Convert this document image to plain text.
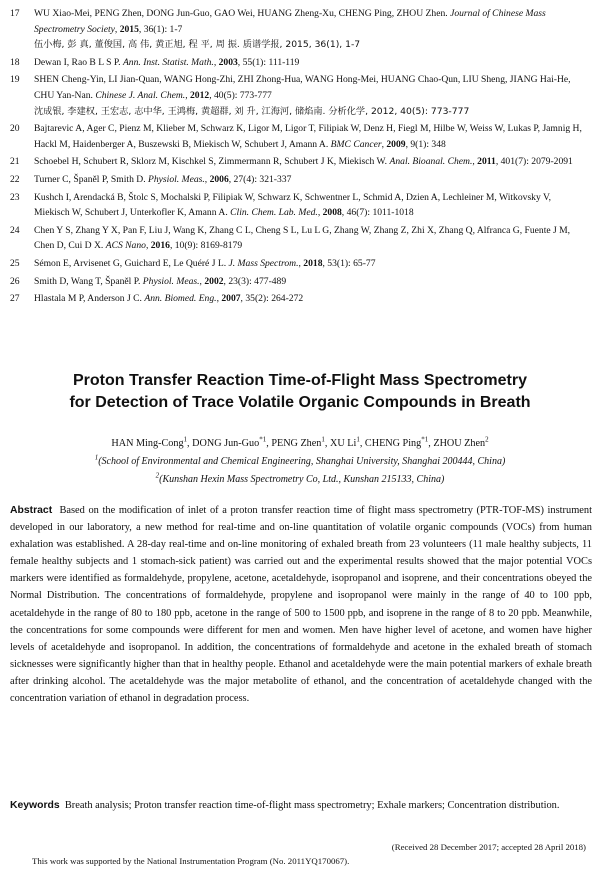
17 WU Xiao-Mei, PENG Zhen, DONG Jun-Guo, GAO Wei, HUANG Zheng-Xu, CHENG Ping, ZHOU Zhen. Journal of Chinese Mass Spectrometry Society, 2015, 36(1): 1-7
伍小梅, 彭 真, 董俊国, 高 伟, 黄正旭, 程 平, 周 振. 质谱学报, 2015, 36(1), 1-7
18 Dewan I, Rao B L S P. Ann. Inst. Statist. Math., 2003, 55(1): 111-119
19 SHEN Cheng-Yin, LI Jian-Quan, WANG Hong-Zhi, ZHI Zhong-Hua, WANG Hong-Mei, HUANG Chao-Qun, LIU Sheng, JIANG Hai-He, CHU Yan-Nan. Chinese J. Anal. Chem., 2012, 40(5): 773-777
沈成银, 李建权, 王宏志, 志中华, 王鸿梅, 黄超群, 刘 升, 江海河, 储焰南. 分析化学, 2012, 40(5): 773-777
20 Bajtarevic A, Ager C, Pienz M, Klieber M, Schwarz K, Ligor M, Ligor T, Filipiak W, Denz H, Fiegl M, Hilbe W, Weiss W, Lukas P, Jamnig H, Hackl M, Haidenberger A, Buszewski B, Miekisch W, Schubert J, Amann A. BMC Cancer, 2009, 9(1): 348
21 Schoebel H, Schubert R, Sklorz M, Kischkel S, Zimmermann R, Schubert J K, Miekisch W. Anal. Bioanal. Chem., 2011, 401(7): 2079-2091
22 Turner C, Španěl P, Smith D. Physiol. Meas., 2006, 27(4): 321-337
23 Kushch I, Arendacká B, Štolc S, Mochalski P, Filipiak W, Schwarz K, Schwentner L, Schmid A, Dzien A, Lechleiner M, Witkovsky V, Miekisch W, Schubert J, Unterkofler K, Amann A. Clin. Chem. Lab. Med., 2008, 46(7): 1011-1018
24 Chen Y S, Zhang Y X, Pan F, Liu J, Wang K, Zhang C L, Cheng S L, Lu L G, Zhang W, Zhang Z, Zhi X, Zhang Q, Alfranca G, Fuente J M, Chen D, Cui D X. ACS Nano, 2016, 10(9): 8169-8179
25 Sémon E, Arvisenet G, Guichard E, Le Quéré J L. J. Mass Spectrom., 2018, 53(1): 65-77
26 Smith D, Wang T, Španěl P. Physiol. Meas., 2002, 23(3): 477-489
27 Hlastala M P, Anderson J C. Ann. Biomed. Eng., 2007, 35(2): 264-272
Proton Transfer Reaction Time-of-Flight Mass Spectrometry
for Detection of Trace Volatile Organic Compounds in Breath
HAN Ming-Cong$^1$, DONG Jun-Guo$^{*1}$, PENG Zhen$^1$, XU Li$^1$, CHENG Ping$^{*1}$, ZHOU Zhen$^2$
$^1$(School of Environmental and Chemical Engineering, Shanghai University, Shanghai 200444, China)
$^2$(Kunshan Hexin Mass Spectrometry Co, Ltd., Kunshan 215133, China)
Abstract Based on the modification of inlet of a proton transfer reaction time of flight mass spectrometry (PTR-TOF-MS) instrument developed in our laboratory, a new method for real-time and on-line quantitation of volatile organic compounds (VOCs) from human exhalation was established. A 28-day real-time and on-line monitoring of exhaled breath from 23 volunteers (11 male healthy subjects, 11 female healthy subjects and 1 stomach-sick patient) was carried out and the experimental results showed that the major potential VOCs markers were identified as formaldehyde, propylene, acetone, acetaldehyde, isopropanol and isoprene, and their concentrations obeyed the Normal Distribution. The concentrations of formaldehyde, propylene and isopropanol were mainly in the range of 40 to 100 ppb, acetaldehyde in the range of 80 to 180 ppb, acetone in the range of 500 to 1500 ppb, and isoprene in the range of 8 to 20 ppb. Meanwhile, the concentrations for some compounds were different for men and women. Men have higher level of acetone, and women have higher levels of acetaldehyde and isopropanol. In addition, the concentrations of formaldehyde and acetone in the exhaled breath of stomach sicknesses were significantly higher than that in healthy people. Ethanol and acetaldehyde were the main potential markers of exhale breath after drinking alcohol. The acetaldehyde was the major metabolite of ethanol, and the concentration of acetaldehyde changed with the concentration variation of ethanol in degradation process.
Keywords Breath analysis; Proton transfer reaction time-of-flight mass spectrometry; Exhale markers; Concentration distribution.
(Received 28 December 2017; accepted 28 April 2018)
This work was supported by the National Instrumentation Program (No. 2011YQ170067).
